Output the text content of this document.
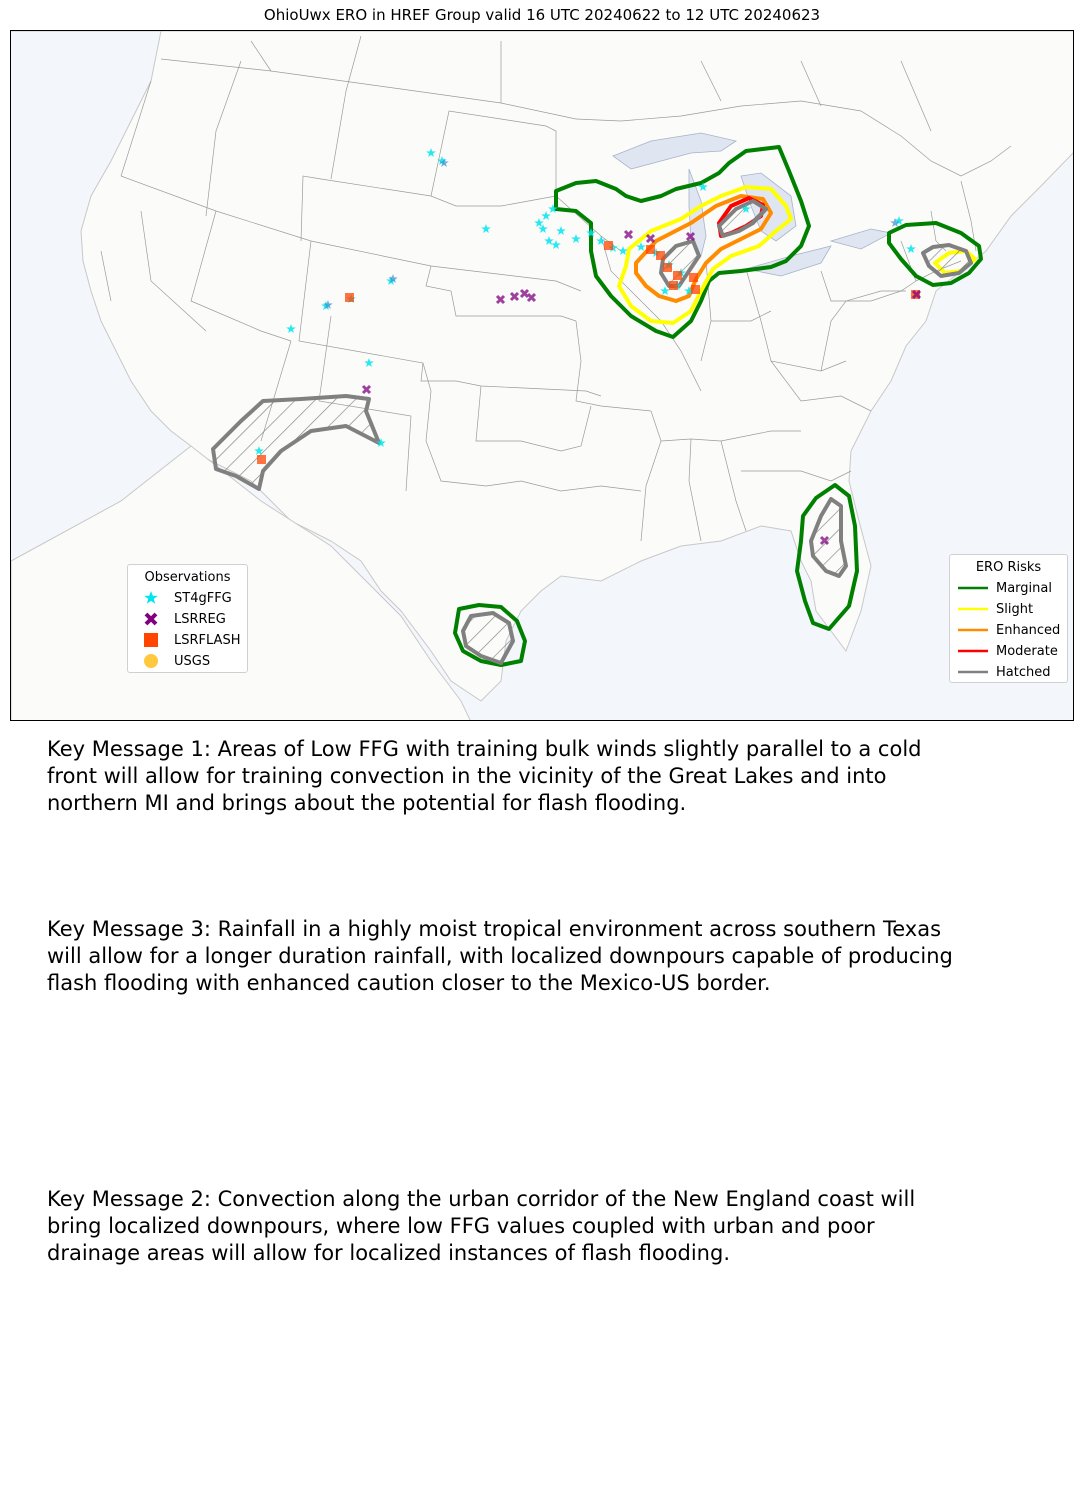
OhioUwx ERO in HREF Group valid 16 UTC 20240622 to 12 UTC 20240623
Observations
ST4gFFG
LSRREG
LSRFLASH
USGS
ERO Risks
Marginal
Slight
Enhanced
Moderate
Hatched

Key Message 1: Areas of Low FFG with training bulk winds slightly parallel to a cold front will allow for training convection in the vicinity of the Great Lakes and into northern MI and brings about the potential for flash flooding.

Key Message 3: Rainfall in a highly moist tropical environment across southern Texas will allow for a longer duration rainfall, with localized downpours capable of producing flash flooding with enhanced caution closer to the Mexico-US border.

Key Message 2: Convection along the urban corridor of the New England coast will bring localized downpours, where low FFG values coupled with urban and poor drainage areas will allow for localized instances of flash flooding.
